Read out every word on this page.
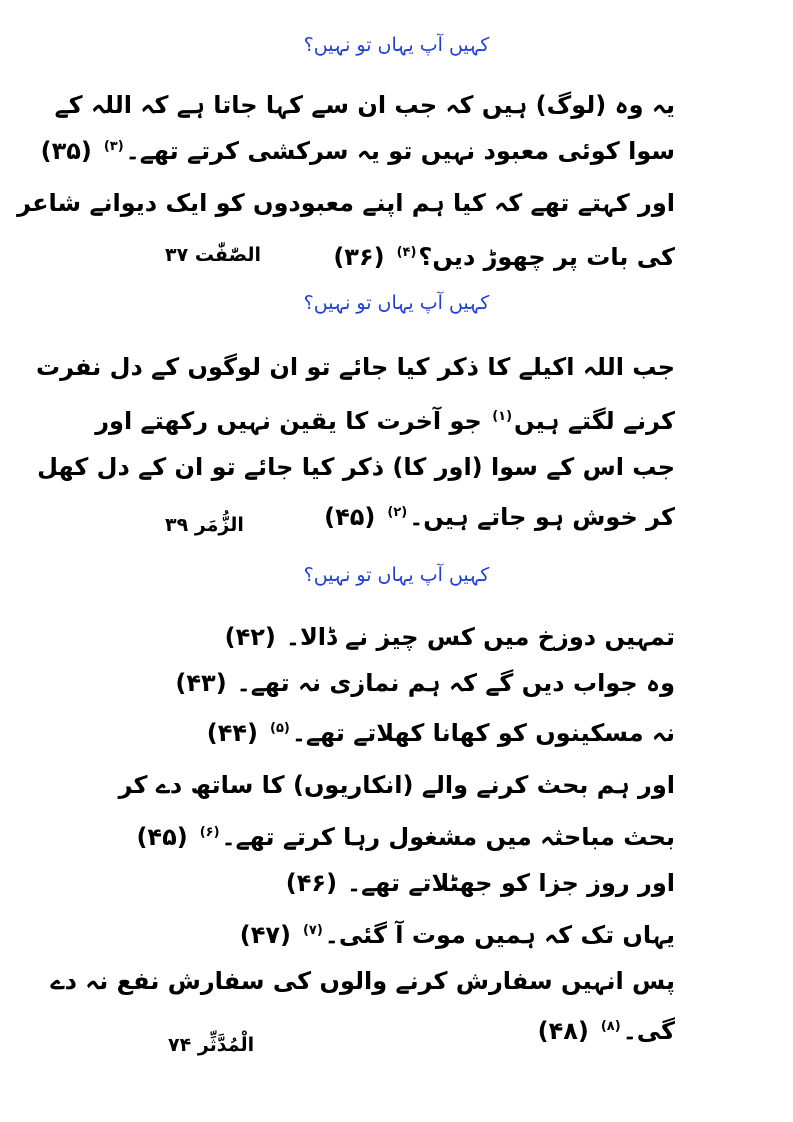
کہیں آپ یہاں تو نہیں؟
یہ وہ (لوگ) ہیں کہ جب ان سے کہا جاتا ہے کہ اللہ کے
سوا کوئی معبود نہیں تو یہ سرکشی کرتے تھے۔$^{(۳)}$(۳۵)
اور کہتے تھے کہ کیا ہم اپنے معبودوں کو ایک دیوانے شاعر
کی بات پر چھوڑ دیں؟$^{(۴)}$(۳۶)
الصّٰفّٰت ۳۷
کہیں آپ یہاں تو نہیں؟
جب اللہ اکیلے کا ذکر کیا جائے تو ان لوگوں کے دل نفرت
کرنے لگتے ہیں$^{(۱)}$ جو آخرت کا یقین نہیں رکھتے اور
جب اس کے سوا (اور کا) ذکر کیا جائے تو ان کے دل کھل
کر خوش ہو جاتے ہیں۔$^{(۲)}$(۴۵)
الزُّمَر ۳۹
کہیں آپ یہاں تو نہیں؟
تمہیں دوزخ میں کس چیز نے ڈالا۔(۴۲)
وہ جواب دیں گے کہ ہم نمازی نہ تھے۔(۴۳)
نہ مسکینوں کو کھانا کھلاتے تھے۔$^{(۵)}$(۴۴)
اور ہم بحث کرنے والے (انکاریوں) کا ساتھ دے کر
بحث مباحثہ میں مشغول رہا کرتے تھے۔$^{(۶)}$(۴۵)
اور روز جزا کو جھٹلاتے تھے۔(۴۶)
یہاں تک کہ ہمیں موت آ گئی۔$^{(۷)}$(۴۷)
پس انہیں سفارش کرنے والوں کی سفارش نفع نہ دے
گی۔$^{(۸)}$(۴۸)
الْمُدَّثِّر ۷۴
